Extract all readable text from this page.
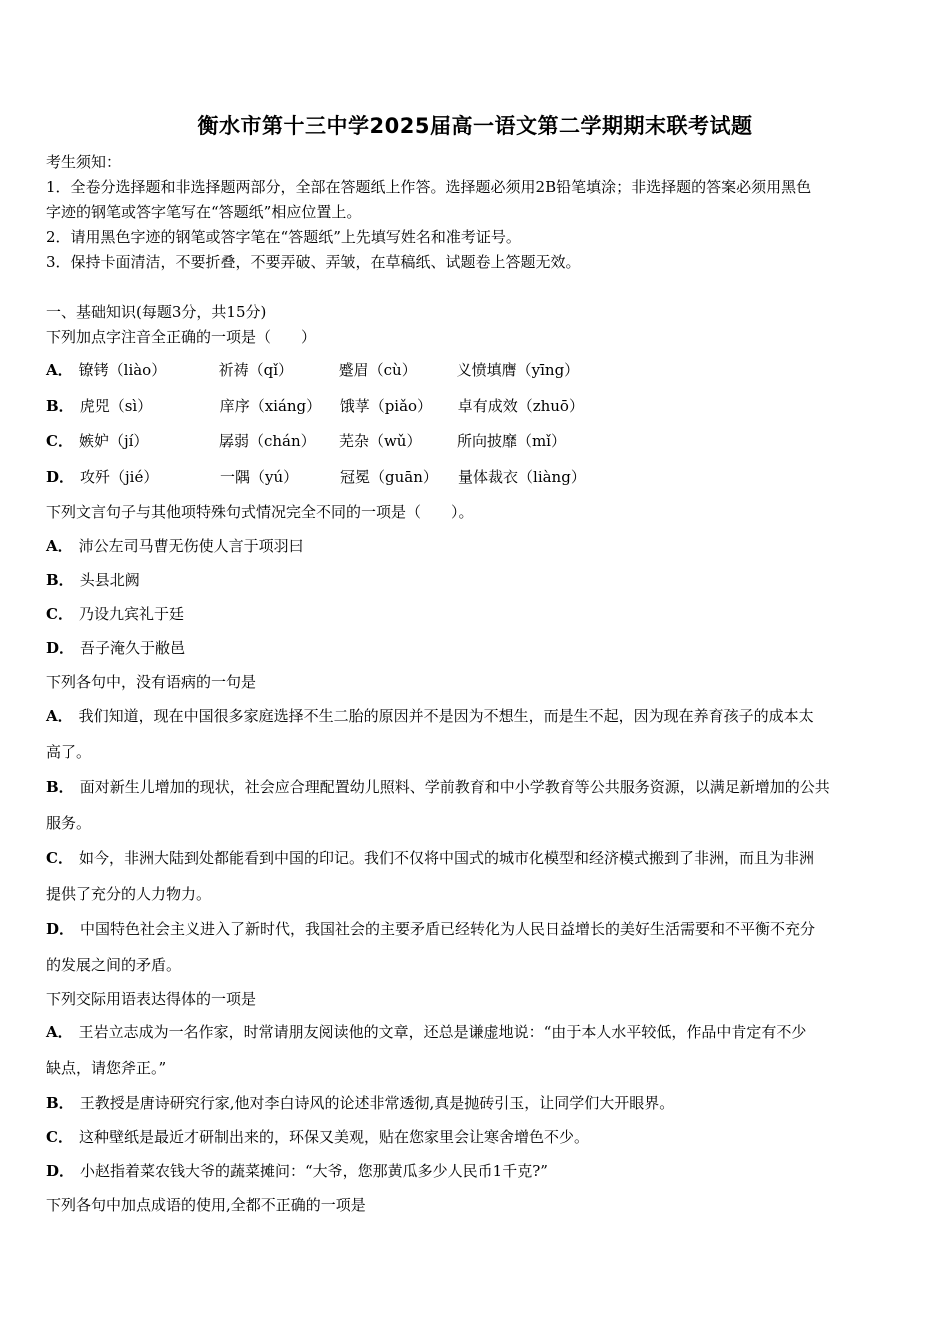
衡水市第十三中学2025届高一语文第二学期期末联考试题
考生须知：
1．全卷分选择题和非选择题两部分，全部在答题纸上作答。选择题必须用2B铅笔填涂；非选择题的答案必须用黑色
字迹的钢笔或答字笔写在“答题纸”相应位置上。
2．请用黑色字迹的钢笔或答字笔在“答题纸”上先填写姓名和准考证号。
3．保持卡面清洁，不要折叠，不要弄破、弄皱，在草稿纸、试题卷上答题无效。
一、基础知识(每题3分，共15分)
下列加点字注音全正确的一项是（　　）
A． 镣铐（liào）	祈祷（qǐ）	蹙眉（cù）	义愤填膺（yīng）
B． 虎兕（sì）	庠序（xiáng） 饿莩（piǎo） 卓有成效（zhuō）
C． 嫉妒（jí）	孱弱（chán） 芜杂（wǔ） 所向披靡（mǐ）
D． 攻歼（jié）	一隅（yú）	冠冕（guān） 量体裁衣（liàng）
下列文言句子与其他项特殊句式情况完全不同的一项是（　　）。
A． 沛公左司马曹无伤使人言于项羽曰
B． 头县北阙
C． 乃设九宾礼于廷
D． 吾子淹久于敝邑
下列各句中，没有语病的一句是
A． 我们知道，现在中国很多家庭选择不生二胎的原因并不是因为不想生，而是生不起，因为现在养育孩子的成本太
高了。
B． 面对新生儿增加的现状，社会应合理配置幼儿照料、学前教育和中小学教育等公共服务资源，以满足新增加的公共
服务。
C． 如今，非洲大陆到处都能看到中国的印记。我们不仅将中国式的城市化模型和经济模式搬到了非洲，而且为非洲
提供了充分的人力物力。
D． 中国特色社会主义进入了新时代，我国社会的主要矛盾已经转化为人民日益增长的美好生活需要和不平衡不充分
的发展之间的矛盾。
下列交际用语表达得体的一项是
A． 王岩立志成为一名作家，时常请朋友阅读他的文章，还总是谦虚地说：“由于本人水平较低，作品中肯定有不少
缺点，请您斧正。”
B． 王教授是唐诗研究行家,他对李白诗风的论述非常透彻,真是抛砖引玉，让同学们大开眼界。
C． 这种壁纸是最近才研制出来的，环保又美观，贴在您家里会让寒舍增色不少。
D． 小赵指着菜农钱大爷的蔬菜摊问：“大爷，您那黄瓜多少人民币1千克?”
下列各句中加点成语的使用,全都不正确的一项是
